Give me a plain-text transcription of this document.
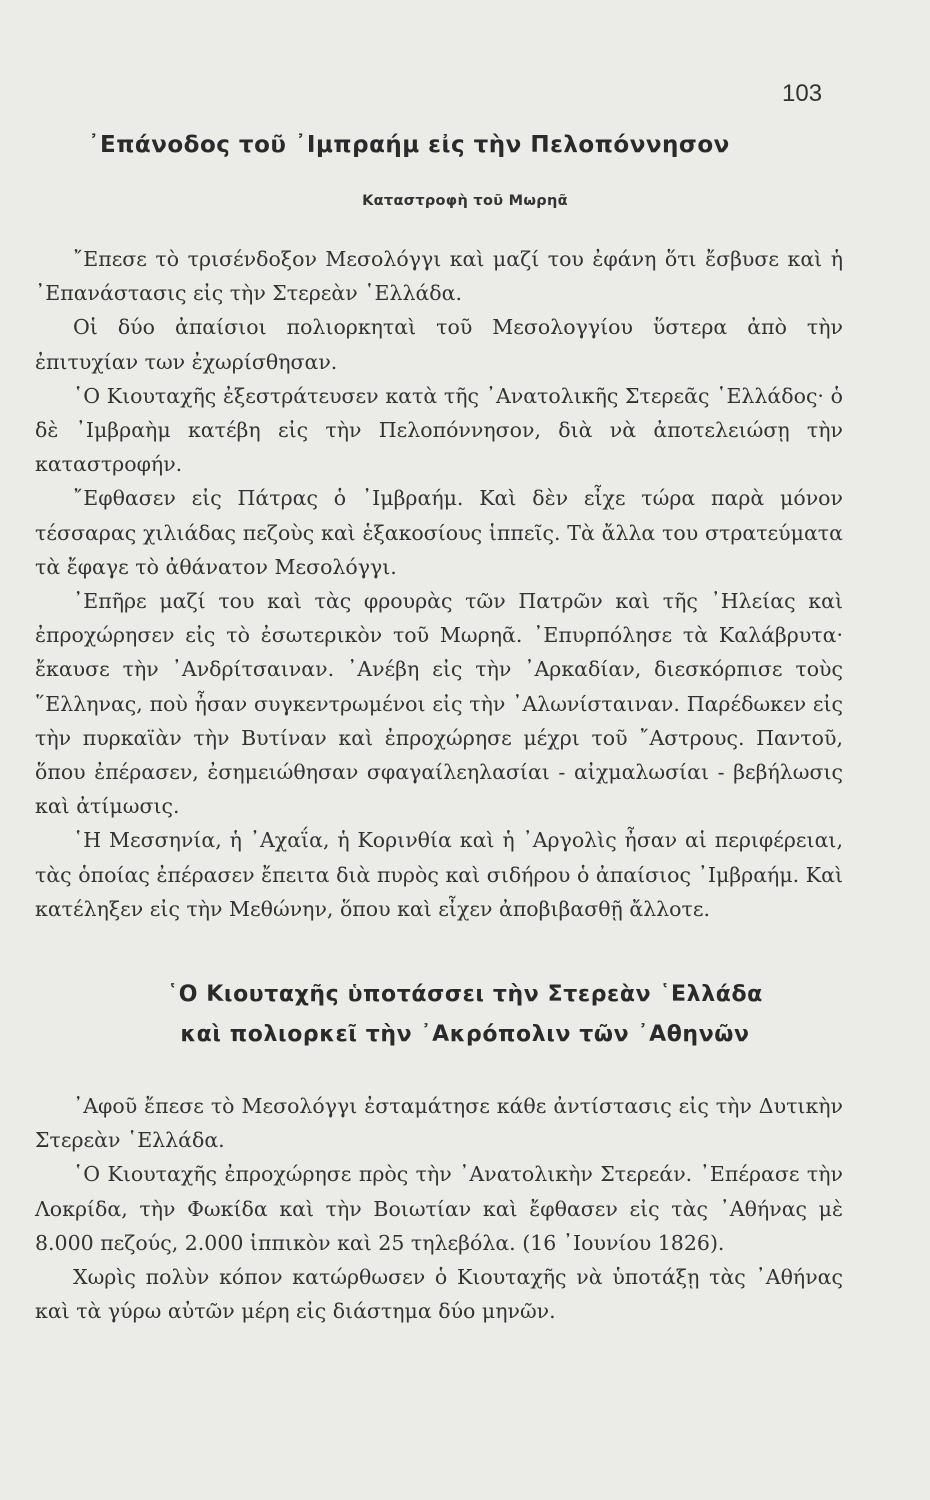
103
᾿Επάνοδος τοῦ ᾿Ιμπραήμ εἰς τὴν Πελοπόννησον
Καταστροφὴ τοῦ Μωρηᾶ

῎Επεσε τὸ τρισένδοξον Μεσολόγγι καὶ μαζί του ἐφάνη ὅτι ἔσβυσε καὶ ἡ ᾿Επανάστασις εἰς τὴν Στερεὰν ῾Ελλάδα.

Οἱ δύο ἀπαίσιοι πολιορκηταὶ τοῦ Μεσολογγίου ὕστερα ἀπὸ τὴν ἐπιτυχίαν των ἐχωρίσθησαν.

῾Ο Κιουταχῆς ἐξεστράτευσεν κατὰ τῆς ᾿Ανατολικῆς Στερεᾶς ῾Ελλάδος· ὁ δὲ ᾿Ιμβραὴμ κατέβη εἰς τὴν Πελοπόννησον, διὰ νὰ ἀποτελειώσῃ τὴν καταστροφήν.

῎Εφθασεν εἰς Πάτρας ὁ ᾿Ιμβραήμ. Καὶ δὲν εἶχε τώρα παρὰ μόνον τέσσαρας χιλιάδας πεζοὺς καὶ ἑξακοσίους ἱππεῖς. Τὰ ἄλλα του στρατεύματα τὰ ἔφαγε τὸ ἀθάνατον Μεσολόγγι.

᾿Επῆρε μαζί του καὶ τὰς φρουρὰς τῶν Πατρῶν καὶ τῆς ᾿Ηλείας καὶ ἐπροχώρησεν εἰς τὸ ἐσωτερικὸν τοῦ Μωρηᾶ. ᾿Επυρπόλησε τὰ Καλάβρυτα· ἔκαυσε τὴν ᾿Ανδρίτσαιναν. ᾿Ανέβη εἰς τὴν ᾿Αρκαδίαν, διεσκόρπισε τοὺς ῞Ελληνας, ποὺ ἦσαν συγκεντρωμένοι εἰς τὴν ᾿Αλωνίσταιναν. Παρέδωκεν εἰς τὴν πυρκαϊὰν τὴν Βυτίναν καὶ ἐπροχώρησε μέχρι τοῦ ῎Αστρους. Παντοῦ, ὅπου ἐπέρασεν, ἐσημειώθησαν σφαγαίλεηλασίαι - αἰχμαλωσίαι - βεβήλωσις καὶ ἀτίμωσις.

῾Η Μεσσηνία, ἡ ᾿Αχαΐα, ἡ Κορινθία καὶ ἡ ᾿Αργολὶς ἦσαν αἱ περιφέρειαι, τὰς ὁποίας ἐπέρασεν ἔπειτα διὰ πυρὸς καὶ σιδήρου ὁ ἀπαίσιος ᾿Ιμβραήμ. Καὶ κατέληξεν εἰς τὴν Μεθώνην, ὅπου καὶ εἶχεν ἀποβιβασθῇ ἄλλοτε.

῾Ο Κιουταχῆς ὑποτάσσει τὴν Στερεὰν ῾Ελλάδα
καὶ πολιορκεῖ τὴν ᾿Ακρόπολιν τῶν ᾿Αθηνῶν

᾿Αφοῦ ἔπεσε τὸ Μεσολόγγι ἐσταμάτησε κάθε ἀντίστασις εἰς τὴν Δυτικὴν Στερεὰν ῾Ελλάδα.

῾Ο Κιουταχῆς ἐπροχώρησε πρὸς τὴν ᾿Ανατολικὴν Στερεάν. ᾿Επέρασε τὴν Λοκρίδα, τὴν Φωκίδα καὶ τὴν Βοιωτίαν καὶ ἔφθασεν εἰς τὰς ᾿Αθήνας μὲ 8.000 πεζούς, 2.000 ἱππικὸν καὶ 25 τηλεβόλα. (16 ᾿Ιουνίου 1826).

Χωρὶς πολὺν κόπον κατώρθωσεν ὁ Κιουταχῆς νὰ ὑποτάξῃ τὰς ᾿Αθήνας καὶ τὰ γύρω αὐτῶν μέρη εἰς διάστημα δύο μηνῶν.
